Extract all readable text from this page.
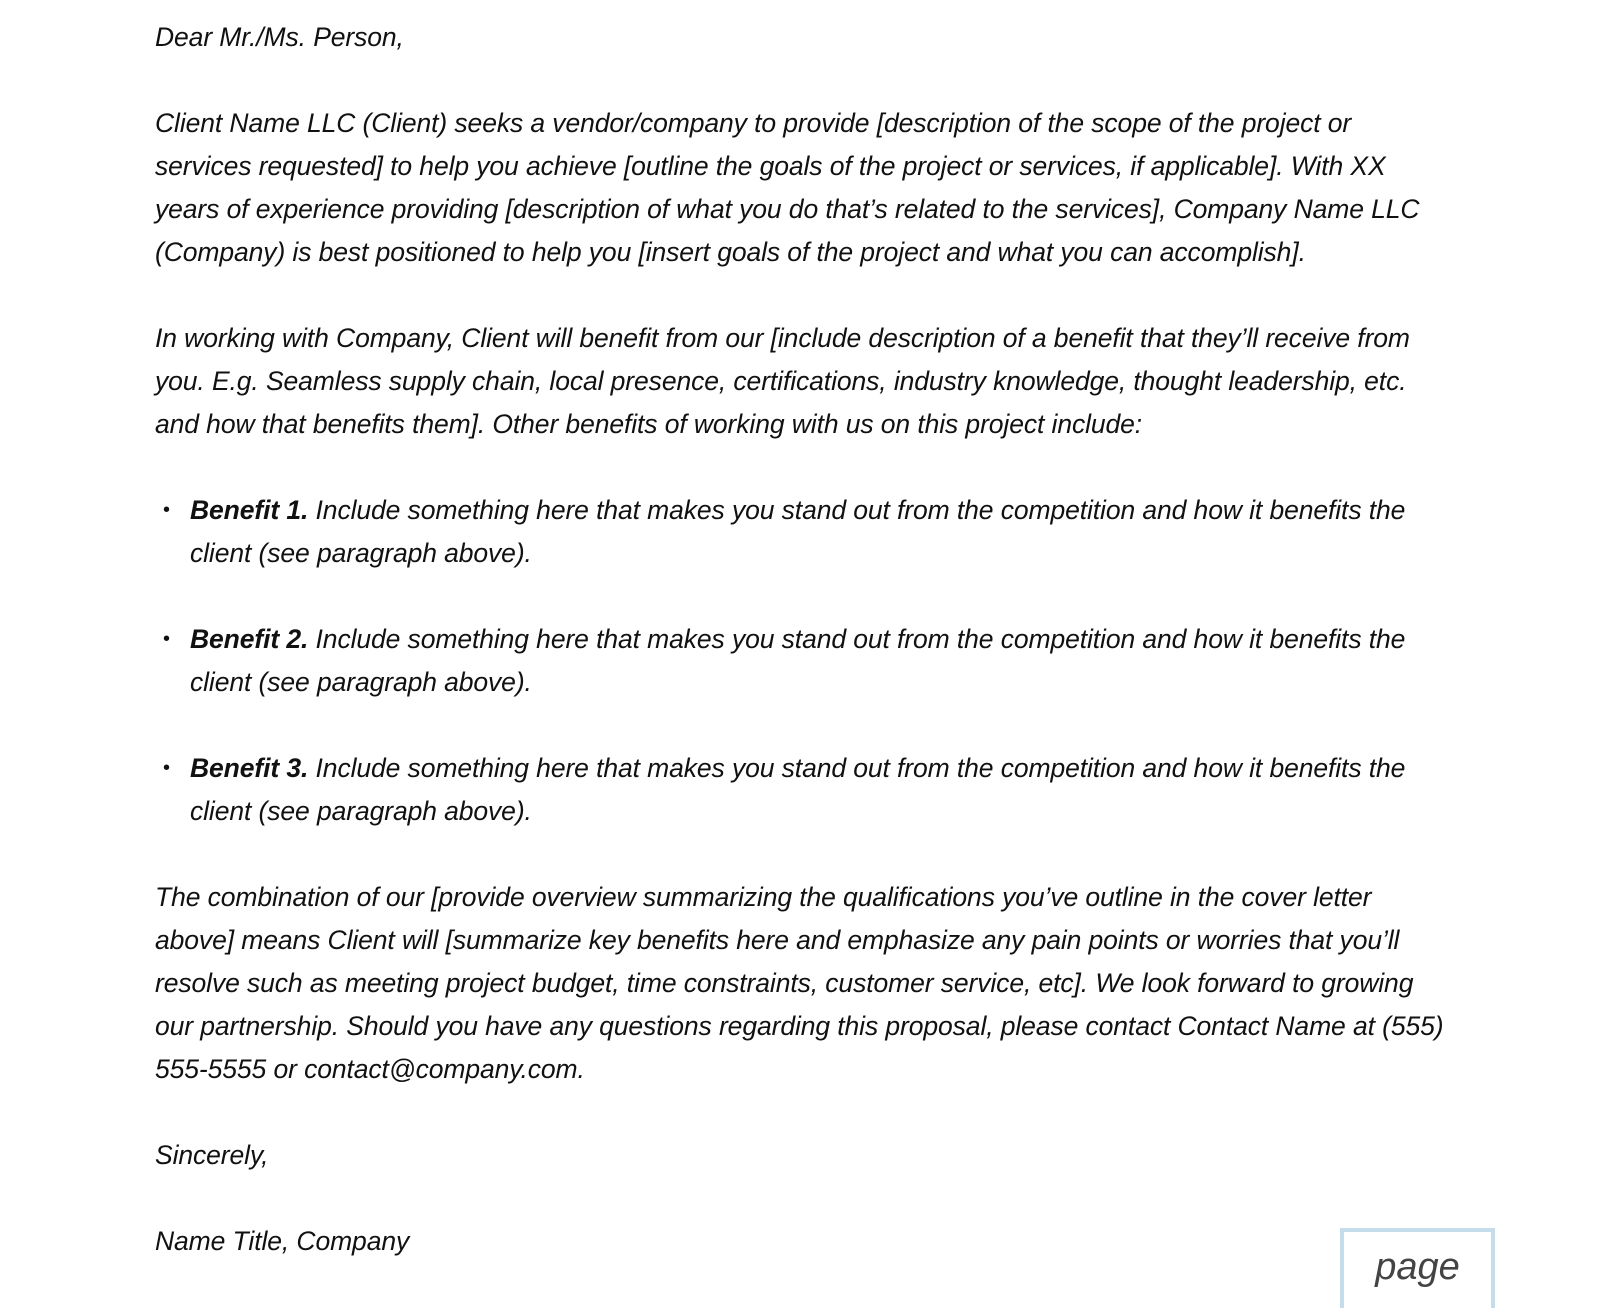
Dear Mr./Ms. Person,

Client Name LLC (Client) seeks a vendor/company to provide [description of the scope of the project or services requested] to help you achieve [outline the goals of the project or services, if applicable]. With XX years of experience providing [description of what you do that’s related to the services], Company Name LLC (Company) is best positioned to help you [insert goals of the project and what you can accomplish].

In working with Company, Client will benefit from our [include description of a benefit that they’ll receive from you. E.g. Seamless supply chain, local presence, certifications, industry knowledge, thought leadership, etc. and how that benefits them]. Other benefits of working with us on this project include:

• Benefit 1. Include something here that makes you stand out from the competition and how it benefits the client (see paragraph above).
• Benefit 2. Include something here that makes you stand out from the competition and how it benefits the client (see paragraph above).
• Benefit 3. Include something here that makes you stand out from the competition and how it benefits the client (see paragraph above).

The combination of our [provide overview summarizing the qualifications you’ve outline in the cover letter above] means Client will [summarize key benefits here and emphasize any pain points or worries that you’ll resolve such as meeting project budget, time constraints, customer service, etc]. We look forward to growing our partnership. Should you have any questions regarding this proposal, please contact Contact Name at (555) 555-5555 or contact@company.com.

Sincerely,

Name Title, Company

page
